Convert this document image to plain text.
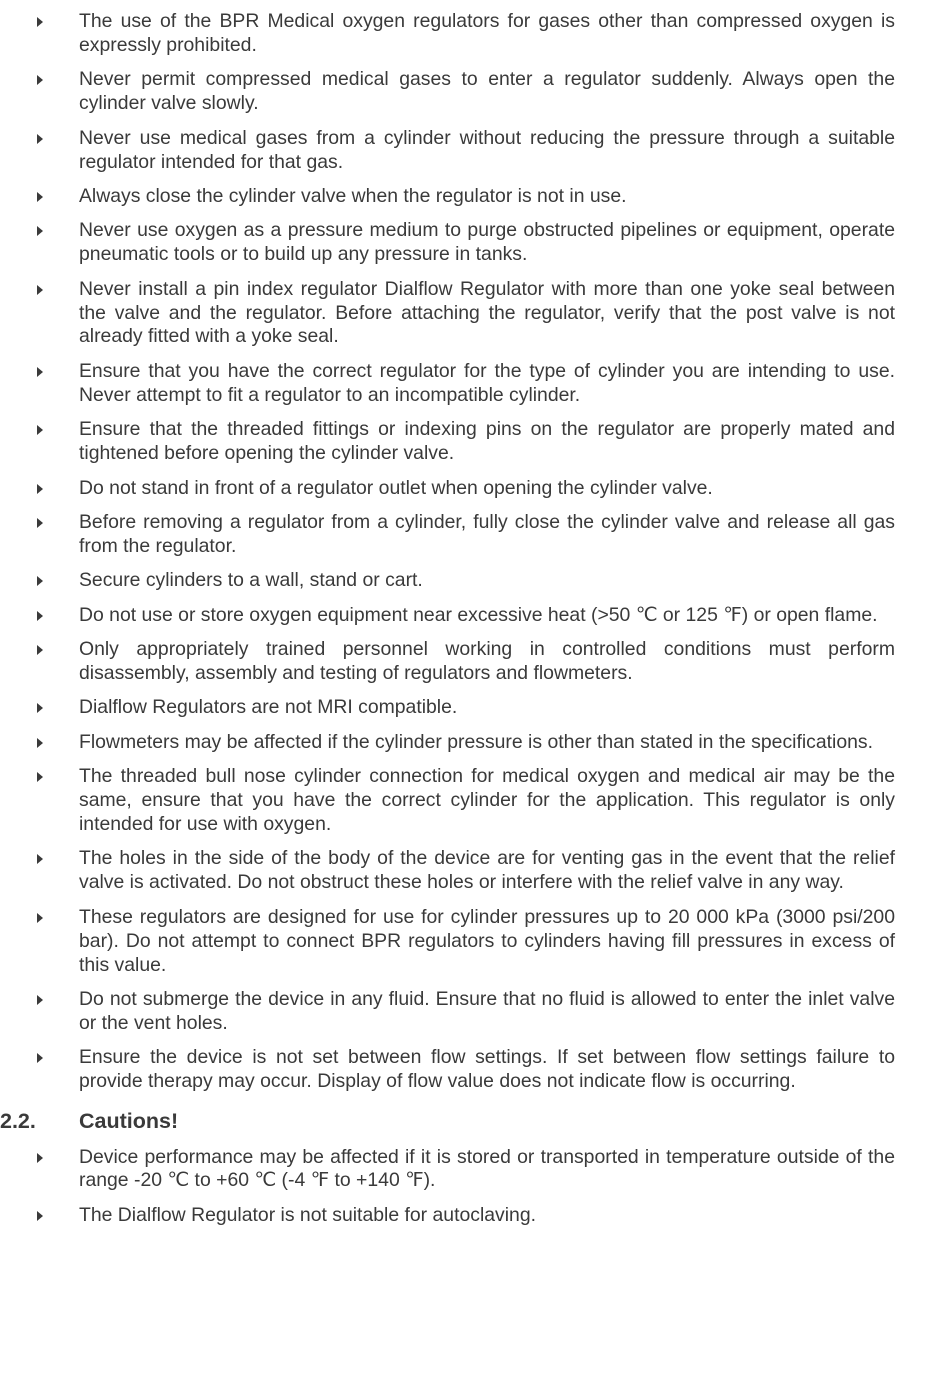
The use of the BPR Medical oxygen regulators for gases other than compressed oxygen is expressly prohibited.
Never permit compressed medical gases to enter a regulator suddenly. Always open the cylinder valve slowly.
Never use medical gases from a cylinder without reducing the pressure through a suitable regulator intended for that gas.
Always close the cylinder valve when the regulator is not in use.
Never use oxygen as a pressure medium to purge obstructed pipelines or equipment, operate pneumatic tools or to build up any pressure in tanks.
Never install a pin index regulator Dialflow Regulator with more than one yoke seal between the valve and the regulator. Before attaching the regulator, verify that the post valve is not already fitted with a yoke seal.
Ensure that you have the correct regulator for the type of cylinder you are intending to use. Never attempt to fit a regulator to an incompatible cylinder.
Ensure that the threaded fittings or indexing pins on the regulator are properly mated and tightened before opening the cylinder valve.
Do not stand in front of a regulator outlet when opening the cylinder valve.
Before removing a regulator from a cylinder, fully close the cylinder valve and release all gas from the regulator.
Secure cylinders to a wall, stand or cart.
Do not use or store oxygen equipment near excessive heat (>50 ℃ or 125 ℉) or open flame.
Only appropriately trained personnel working in controlled conditions must perform disassembly, assembly and testing of regulators and flowmeters.
Dialflow Regulators are not MRI compatible.
Flowmeters may be affected if the cylinder pressure is other than stated in the specifications.
The threaded bull nose cylinder connection for medical oxygen and medical air may be the same, ensure that you have the correct cylinder for the application. This regulator is only intended for use with oxygen.
The holes in the side of the body of the device are for venting gas in the event that the relief valve is activated. Do not obstruct these holes or interfere with the relief valve in any way.
These regulators are designed for use for cylinder pressures up to 20 000 kPa (3000 psi/200 bar). Do not attempt to connect BPR regulators to cylinders having fill pressures in excess of this value.
Do not submerge the device in any fluid. Ensure that no fluid is allowed to enter the inlet valve or the vent holes.
Ensure the device is not set between flow settings. If set between flow settings failure to provide therapy may occur. Display of flow value does not indicate flow is occurring.
2.2. Cautions!
Device performance may be affected if it is stored or transported in temperature outside of the range -20 ℃ to +60 ℃ (-4 ℉ to +140 ℉).
The Dialflow Regulator is not suitable for autoclaving.
